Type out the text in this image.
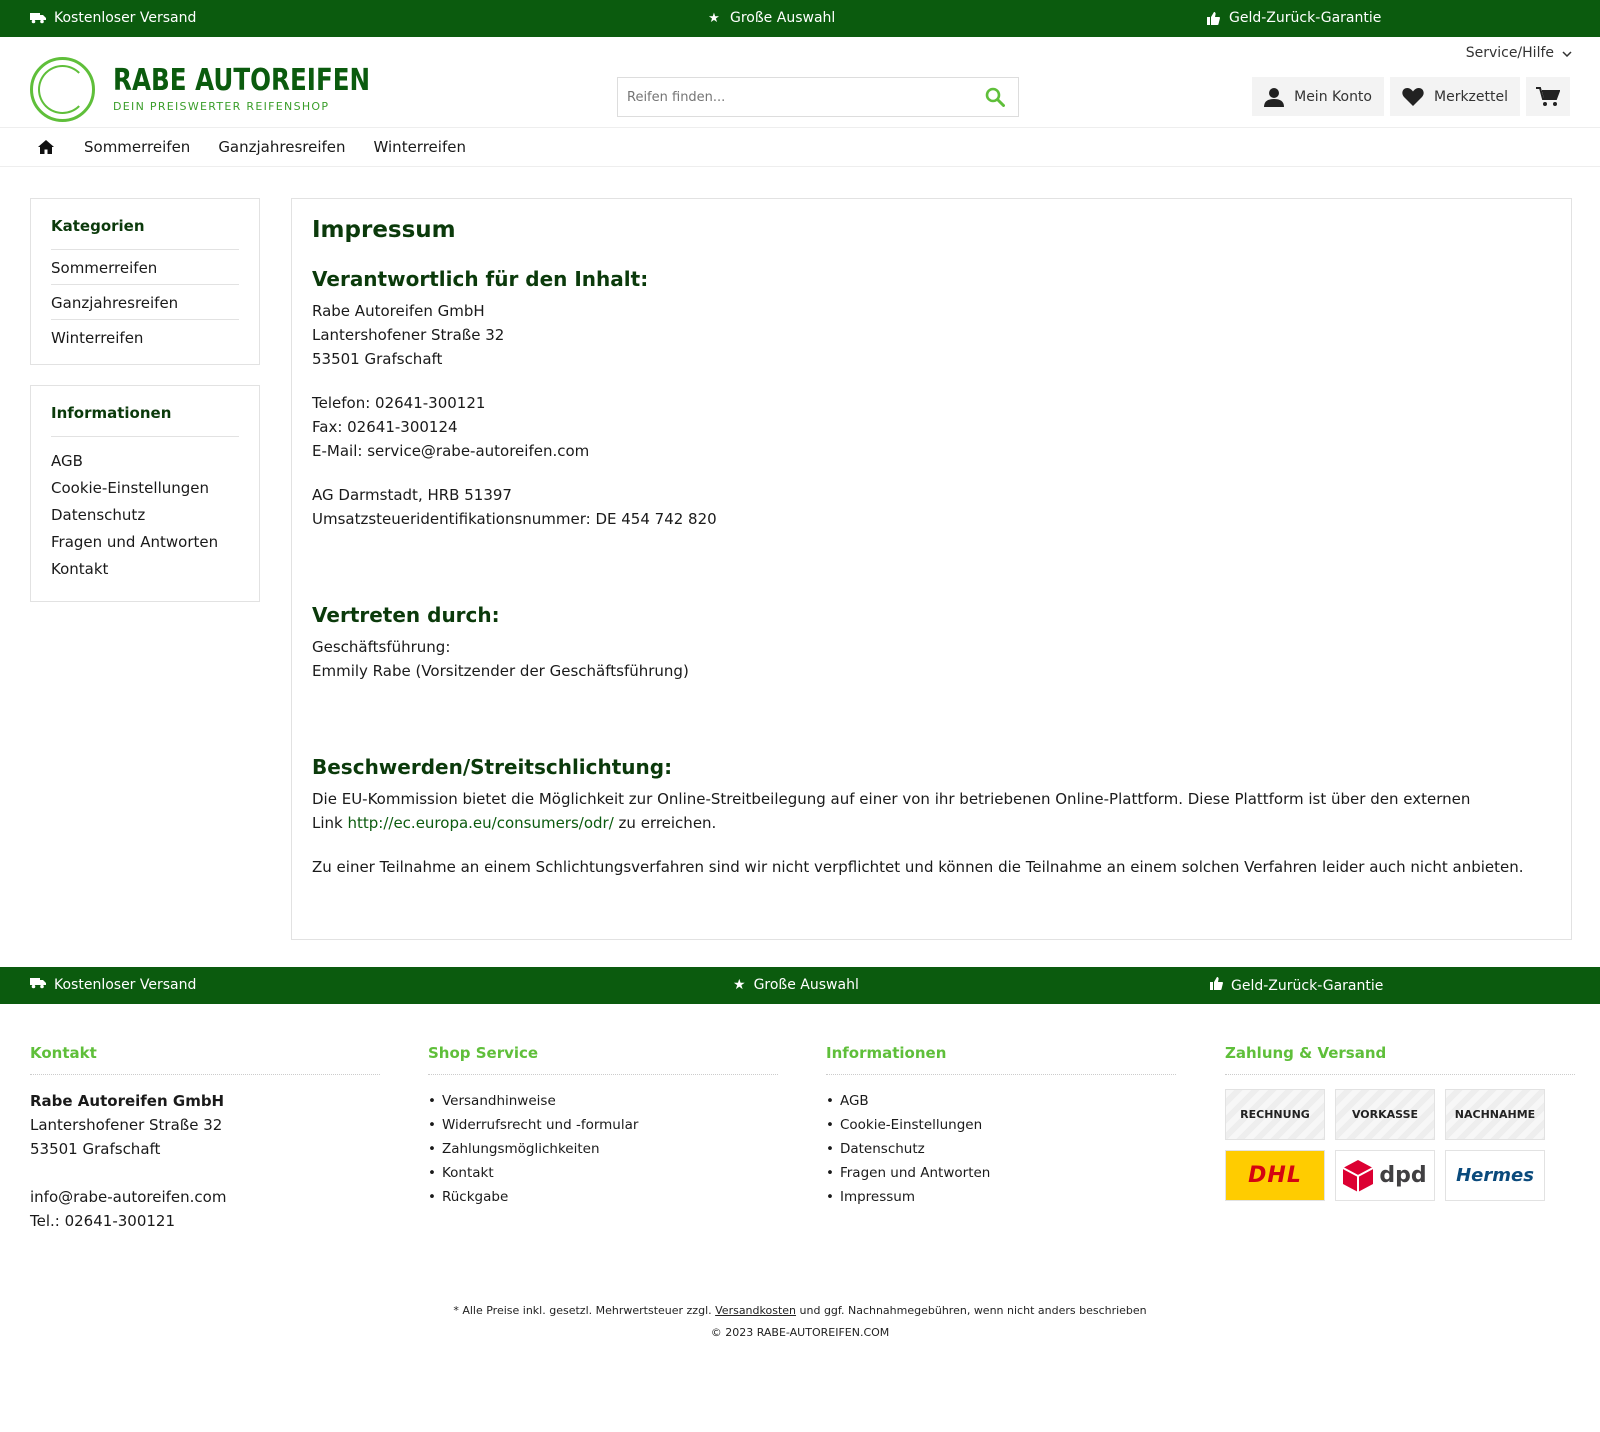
Kostenloser Versand	★ Große Auswahl	Geld-Zurück-Garantie
RABE AUTOREIFEN
DEIN PREISWERTER REIFENSHOP
Service/Hilfe
Reifen finden...
Mein Konto	Merkzettel
Sommerreifen Ganzjahresreifen Winterreifen
Kategorien
Sommerreifen
Ganzjahresreifen
Winterreifen
Informationen
AGB
Cookie-Einstellungen
Datenschutz
Fragen und Antworten
Kontakt
Impressum
Verantwortlich für den Inhalt:

Rabe Autoreifen GmbH

Lantershofener Straße 32

53501 Grafschaft

Telefon: 02641-300121

Fax: 02641-300124

E-Mail: service@rabe-autoreifen.com

AG Darmstadt, HRB 51397

Umsatzsteueridentifikationsnummer: DE 454 742 820

Vertreten durch:

Geschäftsführung:

Emmily Rabe (Vorsitzender der Geschäftsführung)

Beschwerden/Streitschlichtung:

Die EU-Kommission bietet die Möglichkeit zur Online-Streitbeilegung auf einer von ihr betriebenen Online-Plattform. Diese Plattform ist über den externen
Link http://ec.europa.eu/consumers/odr/ zu erreichen.

Zu einer Teilnahme an einem Schlichtungsverfahren sind wir nicht verpflichtet und können die Teilnahme an einem solchen Verfahren leider auch nicht anbieten.

Kostenloser Versand	★ Große Auswahl	Geld-Zurück-Garantie
Kontakt

Rabe Autoreifen GmbH

Lantershofener Straße 32

53501 Grafschaft

info@rabe-autoreifen.com

Tel.: 02641-300121

Shop Service
• Versandhinweise
• Widerrufsrecht und -formular
• Zahlungsmöglichkeiten
• Kontakt
• Rückgabe
Informationen
• AGB
• Cookie-Einstellungen
• Datenschutz
• Fragen und Antworten
• Impressum
Zahlung & Versand
RECHNUNG	VORKASSE	NACHNAHME
DHL	dpd Hermes
* Alle Preise inkl. gesetzl. Mehrwertsteuer zzgl. Versandkosten und ggf. Nachnahmegebühren, wenn nicht anders beschrieben
© 2023 RABE-AUTOREIFEN.COM
